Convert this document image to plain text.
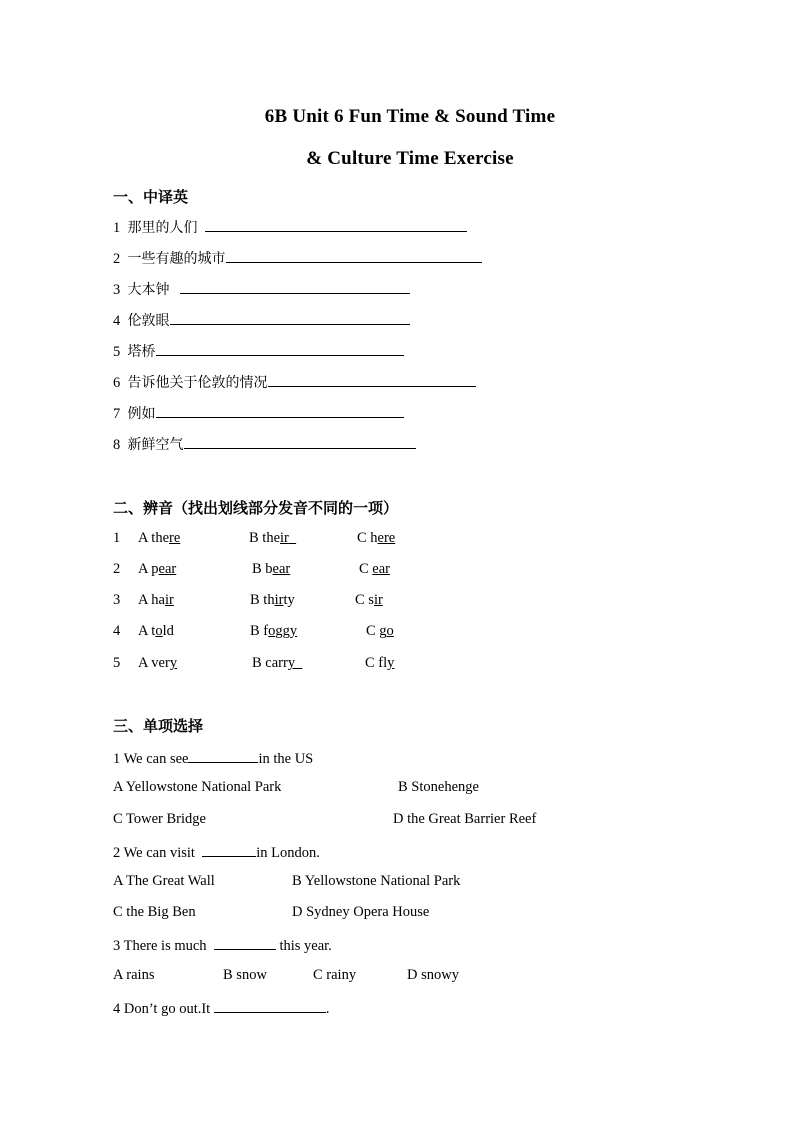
6B Unit 6 Fun Time & Sound Time
& Culture Time Exercise
一、中译英
1 那里的人们
2 一些有趣的城市
3 大本钟
4 伦敦眼
5 塔桥
6 告诉他关于伦敦的情况
7 例如
8 新鲜空气
二、辨音（找出划线部分发音不同的一项）
1 A there	B their	C here
2 A pear	B bear	C ear
3 A hair	B thirty	C sir
4 A told	B foggy	C go
5 A very	B carry	C fly
三、单项选择
1 We can see	in the US
A Yellowstone National Park	B Stonehenge
C Tower Bridge	D the Great Barrier Reef
2 We can visit	in London.
A The Great Wall	B Yellowstone National Park
C the Big Ben	D Sydney Opera House
3 There is much	this year.
A rains	B snow	C rainy	D snowy
4 Don’t go out.It	.
